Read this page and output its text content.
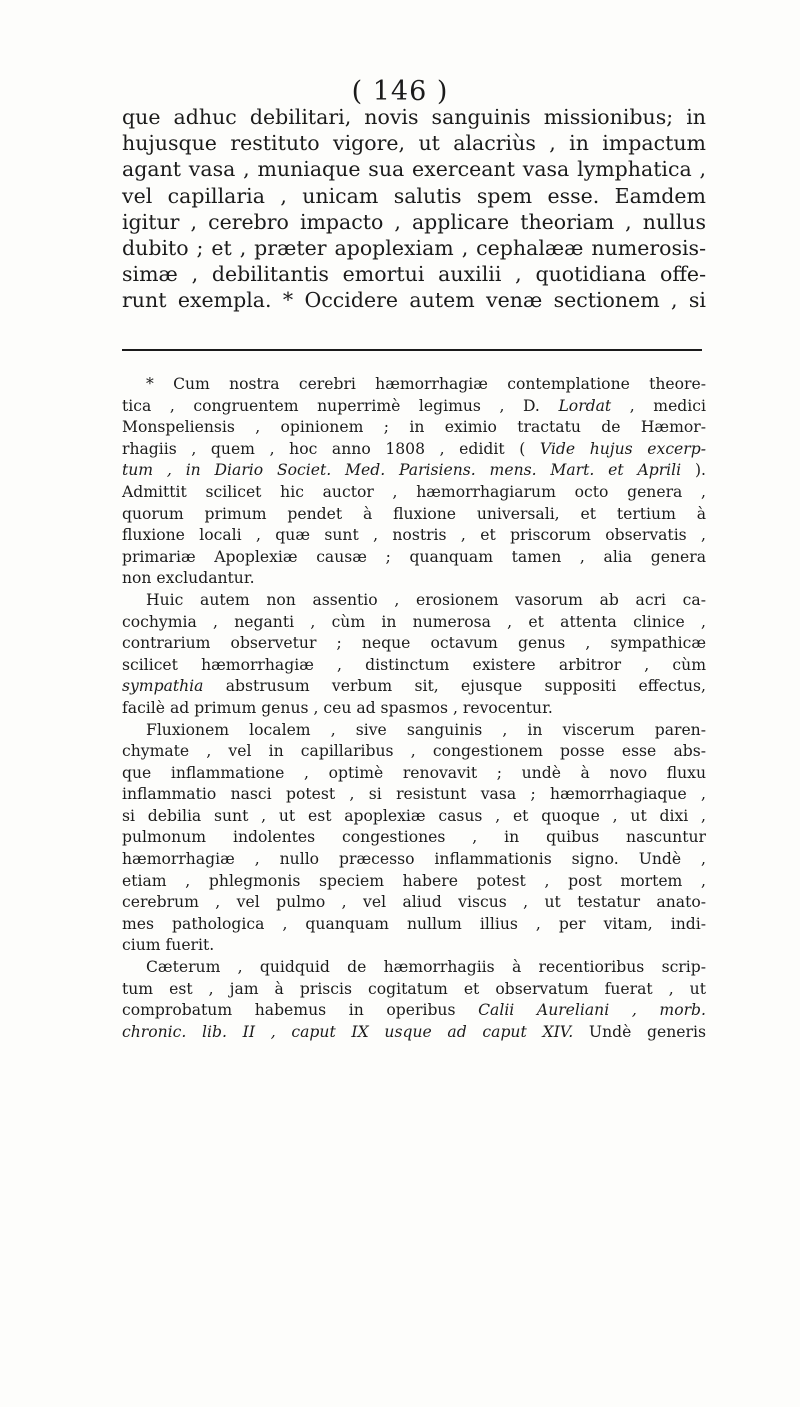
( 146 )
que adhuc debilitari, novis sanguinis missionibus; in
hujusque restituto vigore, ut alacriùs , in impactum
agant vasa , muniaque sua exerceant vasa lymphatica ,
vel capillaria , unicam salutis spem esse. Eamdem
igitur , cerebro impacto , applicare theoriam , nullus
dubito ; et , præter apoplexiam , cephalææ numerosis-
simæ , debilitantis emortui auxilii , quotidiana offe-
runt exempla. * Occidere autem venæ sectionem , si
* Cum nostra cerebri hæmorrhagiæ contemplatione theore-
tica , congruentem nuperrimè legimus , D. Lordat , medici
Monspeliensis , opinionem ; in eximio tractatu de Hæmor-
rhagiis , quem , hoc anno 1808 , edidit ( Vide hujus excerp-
tum , in Diario Societ. Med. Parisiens. mens. Mart. et Aprili ).
Admittit scilicet hic auctor , hæmorrhagiarum octo genera ,
quorum primum pendet à fluxione universali, et tertium à
fluxione locali , quæ sunt , nostris , et priscorum observatis ,
primariæ Apoplexiæ causæ ; quanquam tamen , alia genera
non excludantur.
Huic autem non assentio , erosionem vasorum ab acri ca-
cochymia , neganti , cùm in numerosa , et attenta clinice ,
contrarium observetur ; neque octavum genus , sympathicæ
scilicet hæmorrhagiæ , distinctum existere arbitror , cùm
sympathia abstrusum verbum sit, ejusque suppositi effectus,
facilè ad primum genus , ceu ad spasmos , revocentur.
Fluxionem localem , sive sanguinis , in viscerum paren-
chymate , vel in capillaribus , congestionem posse esse abs-
que inflammatione , optimè renovavit ; undè à novo fluxu
inflammatio nasci potest , si resistunt vasa ; hæmorrhagiaque ,
si debilia sunt , ut est apoplexiæ casus , et quoque , ut dixi ,
pulmonum indolentes congestiones , in quibus nascuntur
hæmorrhagiæ , nullo præcesso inflammationis signo. Undè ,
etiam , phlegmonis speciem habere potest , post mortem ,
cerebrum , vel pulmo , vel aliud viscus , ut testatur anato-
mes pathologica , quanquam nullum illius , per vitam, indi-
cium fuerit.
Cæterum , quidquid de hæmorrhagiis à recentioribus scrip-
tum est , jam à priscis cogitatum et observatum fuerat , ut
comprobatum habemus in operibus Calii Aureliani , morb.
chronic. lib. II , caput IX usque ad caput XIV. Undè generis
